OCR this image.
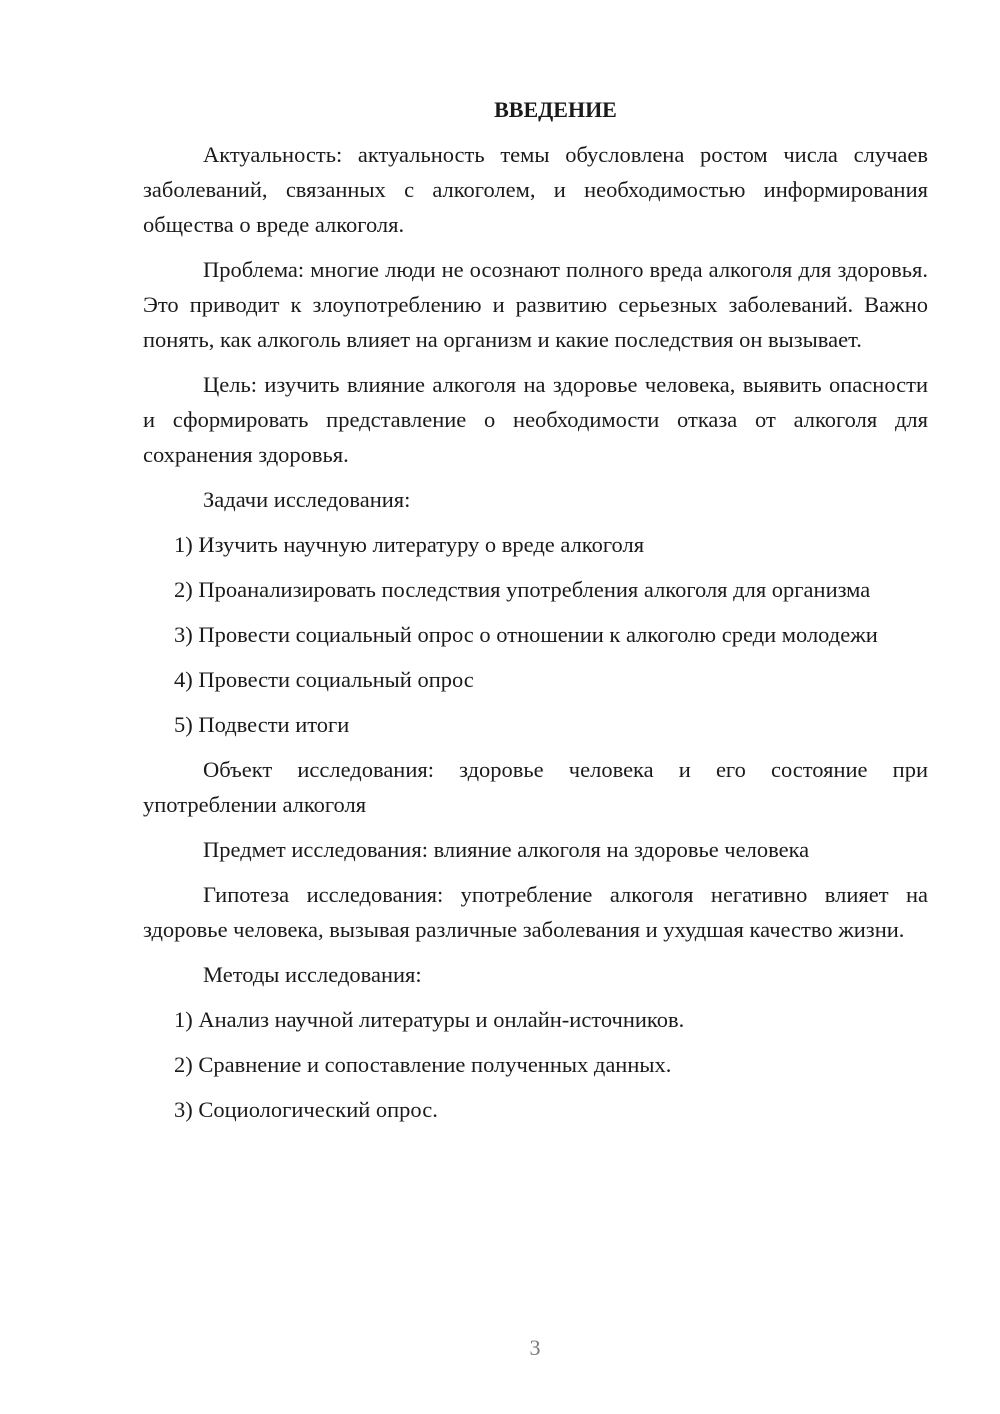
ВВЕДЕНИЕ

Актуальность: актуальность темы обусловлена ростом числа случаев заболеваний, связанных с алкоголем, и необходимостью информирования общества о вреде алкоголя.

Проблема: многие люди не осознают полного вреда алкоголя для здоровья. Это приводит к злоупотреблению и развитию серьезных заболеваний. Важно понять, как алкоголь влияет на организм и какие последствия он вызывает.

Цель: изучить влияние алкоголя на здоровье человека, выявить опасности и сформировать представление о необходимости отказа от алкоголя для сохранения здоровья.

Задачи исследования:

1) Изучить научную литературу о вреде алкоголя

2) Проанализировать последствия употребления алкоголя для организма

3) Провести социальный опрос о отношении к алкоголю среди молодежи

4) Провести социальный опрос

5) Подвести итоги

Объект исследования: здоровье человека и его состояние при употреблении алкоголя

Предмет исследования: влияние алкоголя на здоровье человека

Гипотеза исследования: употребление алкоголя негативно влияет на здоровье человека, вызывая различные заболевания и ухудшая качество жизни.

Методы исследования:

1) Анализ научной литературы и онлайн-источников.

2) Сравнение и сопоставление полученных данных.

3) Социологический опрос.

3
